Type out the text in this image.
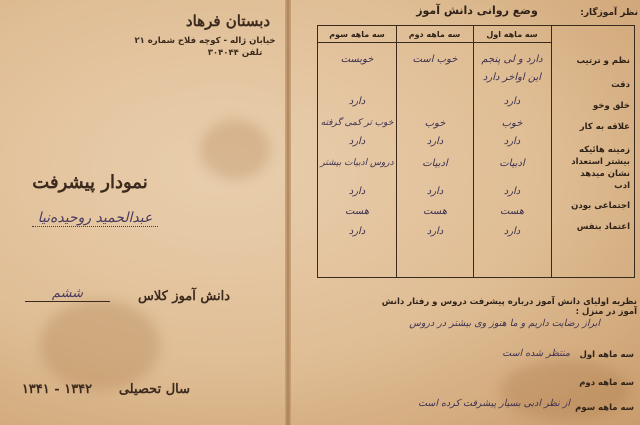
دبستان فرهاد
خیابان ژاله - کوچه فلاح شماره ۲۱
تلفن ۳۰۴۰۴۴
نمودار پیشرفت
عبدالحمید روحیده‌نیا
دانش آموز کلاس
ششم
سال تحصیلی
۱۳۴۲ - ۱۳۴۱
نظر آموزگار:
وضع روانی دانش آموز
سه ماهه اول
سه ماهه دوم
سه ماهه سوم
نظم و ترتیب
دقت
خلق وخو
علاقه به کار
زمینه هائیکه بیشتر استعداد نشان میدهد
ادب
اجتماعی بودن
اعتماد بنفس
دارد و لی پنجم
این اواخر دارد
دارد
خوب
دارد
ادبیات
دارد
هست
دارد
خوب است
خوب
دارد
ادبیات
دارد
هست
دارد
خوبست
دارد
خوب تر کمی گرفته
دارد
دروس ادبیات بیشتر
دارد
هست
دارد
نظریه اولیای دانش آموز درباره پیشرفت دروس و رفتار دانش آموز در منزل :
ابراز رضایت داریم و ما هنوز وی بیشتر در دروس
سه ماهه اول
منتظر شده است
سه ماهه دوم
سه ماهه سوم
از نظر ادبی بسیار پیشرفت کرده است
